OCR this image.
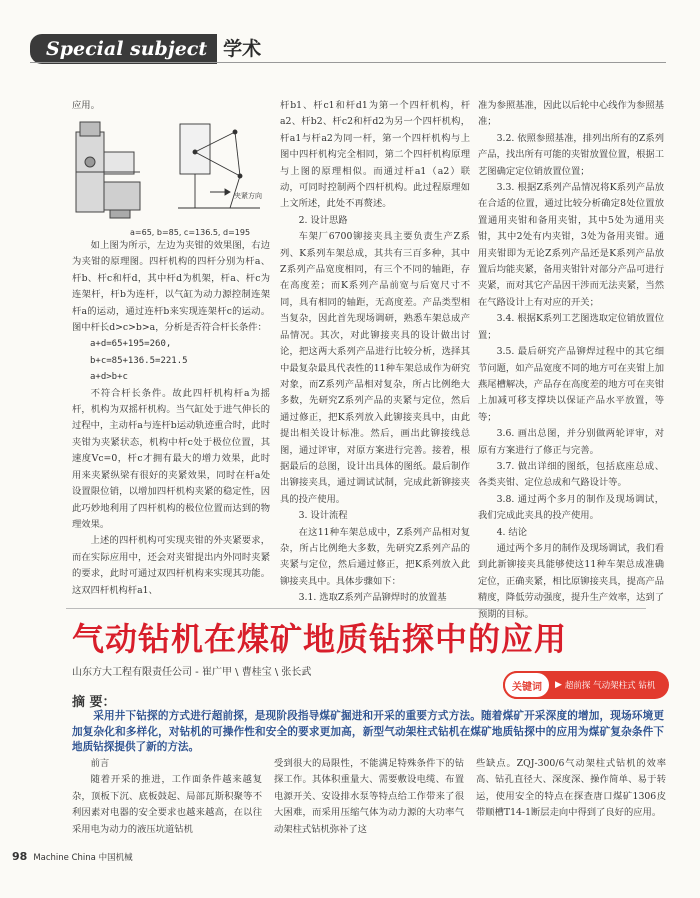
Special subject 学术
夹紧方向
a=65, b=85, c=136.5, d=195

应用。

如上图为所示，左边为夹钳的效果图，右边为夹钳的原理图。四杆机构的四杆分别为杆a、杆b、杆c和杆d，其中杆d为机架，杆a、杆c为连架杆，杆b为连杆，以气缸为动力源控制连架杆a的运动，通过连杆b来实现连架杆c的运动。图中杆长d>c>b>a，分析是否符合杆长条件：

a+d=65+195=260,

b+c=85+136.5=221.5

a+d>b+c

不符合杆长条件。故此四杆机构杆a为摇杆，机构为双摇杆机构。当气缸处于进气伸长的过程中，主动杆a与连杆b运动轨迹重合时，此时夹钳为夹紧状态，机构中杆c处于极位位置，其速度Vc=0，杆c才拥有最大的增力效果，此时用来夹紧纵梁有很好的夹紧效果，同时在杆a处设置限位销，以增加四杆机构夹紧的稳定性，因此巧妙地利用了四杆机构的极位位置而达到的物理效果。

上述的四杆机构可实现夹钳的外夹紧要求，而在实际应用中，还会对夹钳提出内外同时夹紧的要求，此时可通过双四杆机构来实现其功能。这双四杆机构杆a1、

杆b1、杆c1和杆d1为第一个四杆机构，杆a2、杆b2、杆c2和杆d2为另一个四杆机构，杆a1与杆a2为同一杆，第一个四杆机构与上图中四杆机构完全相同，第二个四杆机构原理与上图的原理相似。而通过杆a1（a2）联动，可同时控制两个四杆机构。此过程原理如上文所述，此处不再赘述。

2. 设计思路

车架厂6700铆接夹具主要负责生产Z系列、K系列车架总成，其共有三百多种，其中Z系列产品宽度相同，有三个不同的轴距，存在高度差；而K系列产品前宽与后宽尺寸不同，具有相同的轴距，无高度差。产品类型相当复杂，因此首先现场调研，熟悉车架总成产品情况。其次，对此铆接夹具的设计做出讨论，把这两大系列产品进行比较分析，选择其中最复杂最具代表性的11种车架总成作为研究对象，而Z系列产品相对复杂，所占比例绝大多数，先研究Z系列产品的夹紧与定位，然后通过修正，把K系列放入此铆接夹具中，由此提出相关设计标准。然后，画出此铆接线总图，通过评审，对原方案进行完善。接着，根据最后的总图，设计出具体的图纸。最后制作出铆接夹具，通过调试试制，完成此新铆接夹具的投产使用。

3. 设计流程

在这11种车架总成中，Z系列产品相对复杂，所占比例绝大多数，先研究Z系列产品的夹紧与定位，然后通过修正，把K系列放入此铆接夹具中。具体步骤如下：

3.1. 选取Z系列产品铆焊时的放置基

准为参照基准，因此以后轮中心线作为参照基准；

3.2. 依照参照基准，排列出所有的Z系列产品，找出所有可能的夹钳放置位置，根据工艺图确定定位销放置位置；

3.3. 根据Z系列产品情况将K系列产品放在合适的位置，通过比较分析确定8处位置放置通用夹钳和备用夹钳，其中5处为通用夹钳，其中2处有内夹钳，3处为备用夹钳。通用夹钳即为无论Z系列产品还是K系列产品放置后均能夹紧，备用夹钳针对部分产品可进行夹紧，而对其它产品因干涉而无法夹紧，当然在气路设计上有对应的开关；

3.4. 根据K系列工艺图选取定位销放置位置；

3.5. 最后研究产品铆焊过程中的其它细节问题，如产品宽度不同的地方可在夹钳上加燕尾槽解决，产品存在高度差的地方可在夹钳上加减可移支撑块以保证产品水平放置，等等；

3.6. 画出总图，并分别做两轮评审，对原有方案进行了修正与完善。

3.7. 做出详细的图纸，包括底座总成、各类夹钳、定位总成和气路设计等。

3.8. 通过两个多月的制作及现场调试，我们完成此夹具的投产使用。

4. 结论

通过两个多月的制作及现场调试，我们看到此新铆接夹具能够使这11种车架总成准确定位，正确夹紧，相比原铆接夹具，提高产品精度，降低劳动强度，提升生产效率，达到了预期的目标。

气动钻机在煤矿地质钻探中的应用
山东方大工程有限责任公司 - 崔广甲 \ 曹桂宝 \ 张长武
关键词	▶ 超前探 气动架柱式 钻机
摘 要：
采用井下钻探的方式进行超前探，是现阶段指导煤矿掘进和开采的重要方式方法。随着煤矿开采深度的增加，现场环境更加复杂化和多样化，对钻机的可操作性和安全的要求更加高，新型气动架柱式钻机在煤矿地质钻探中的应用为煤矿复杂条件下地质钻探提供了新的方法。

前言

随着开采的推进，工作面条件越来越复杂，顶板下沉、底板鼓起、局部瓦斯积聚等不利因素对电器的安全要求也越来越高，在以往采用电为动力的液压坑道钻机

受到很大的局限性，不能满足特殊条件下的钻探工作。其体积重量大、需要敷设电缆、布置电源开关、安设排水泵等特点给工作带来了很大困难，而采用压缩气体为动力源的大功率气动架柱式钻机弥补了这

些缺点。ZQJ-300/6气动架柱式钻机的效率高、钻孔直径大、深度深、操作简单、易于转运，使用安全的特点在探查唐口煤矿1306皮带顺槽T14-1断层走向中得到了良好的应用。

98 Machine China 中国机械
